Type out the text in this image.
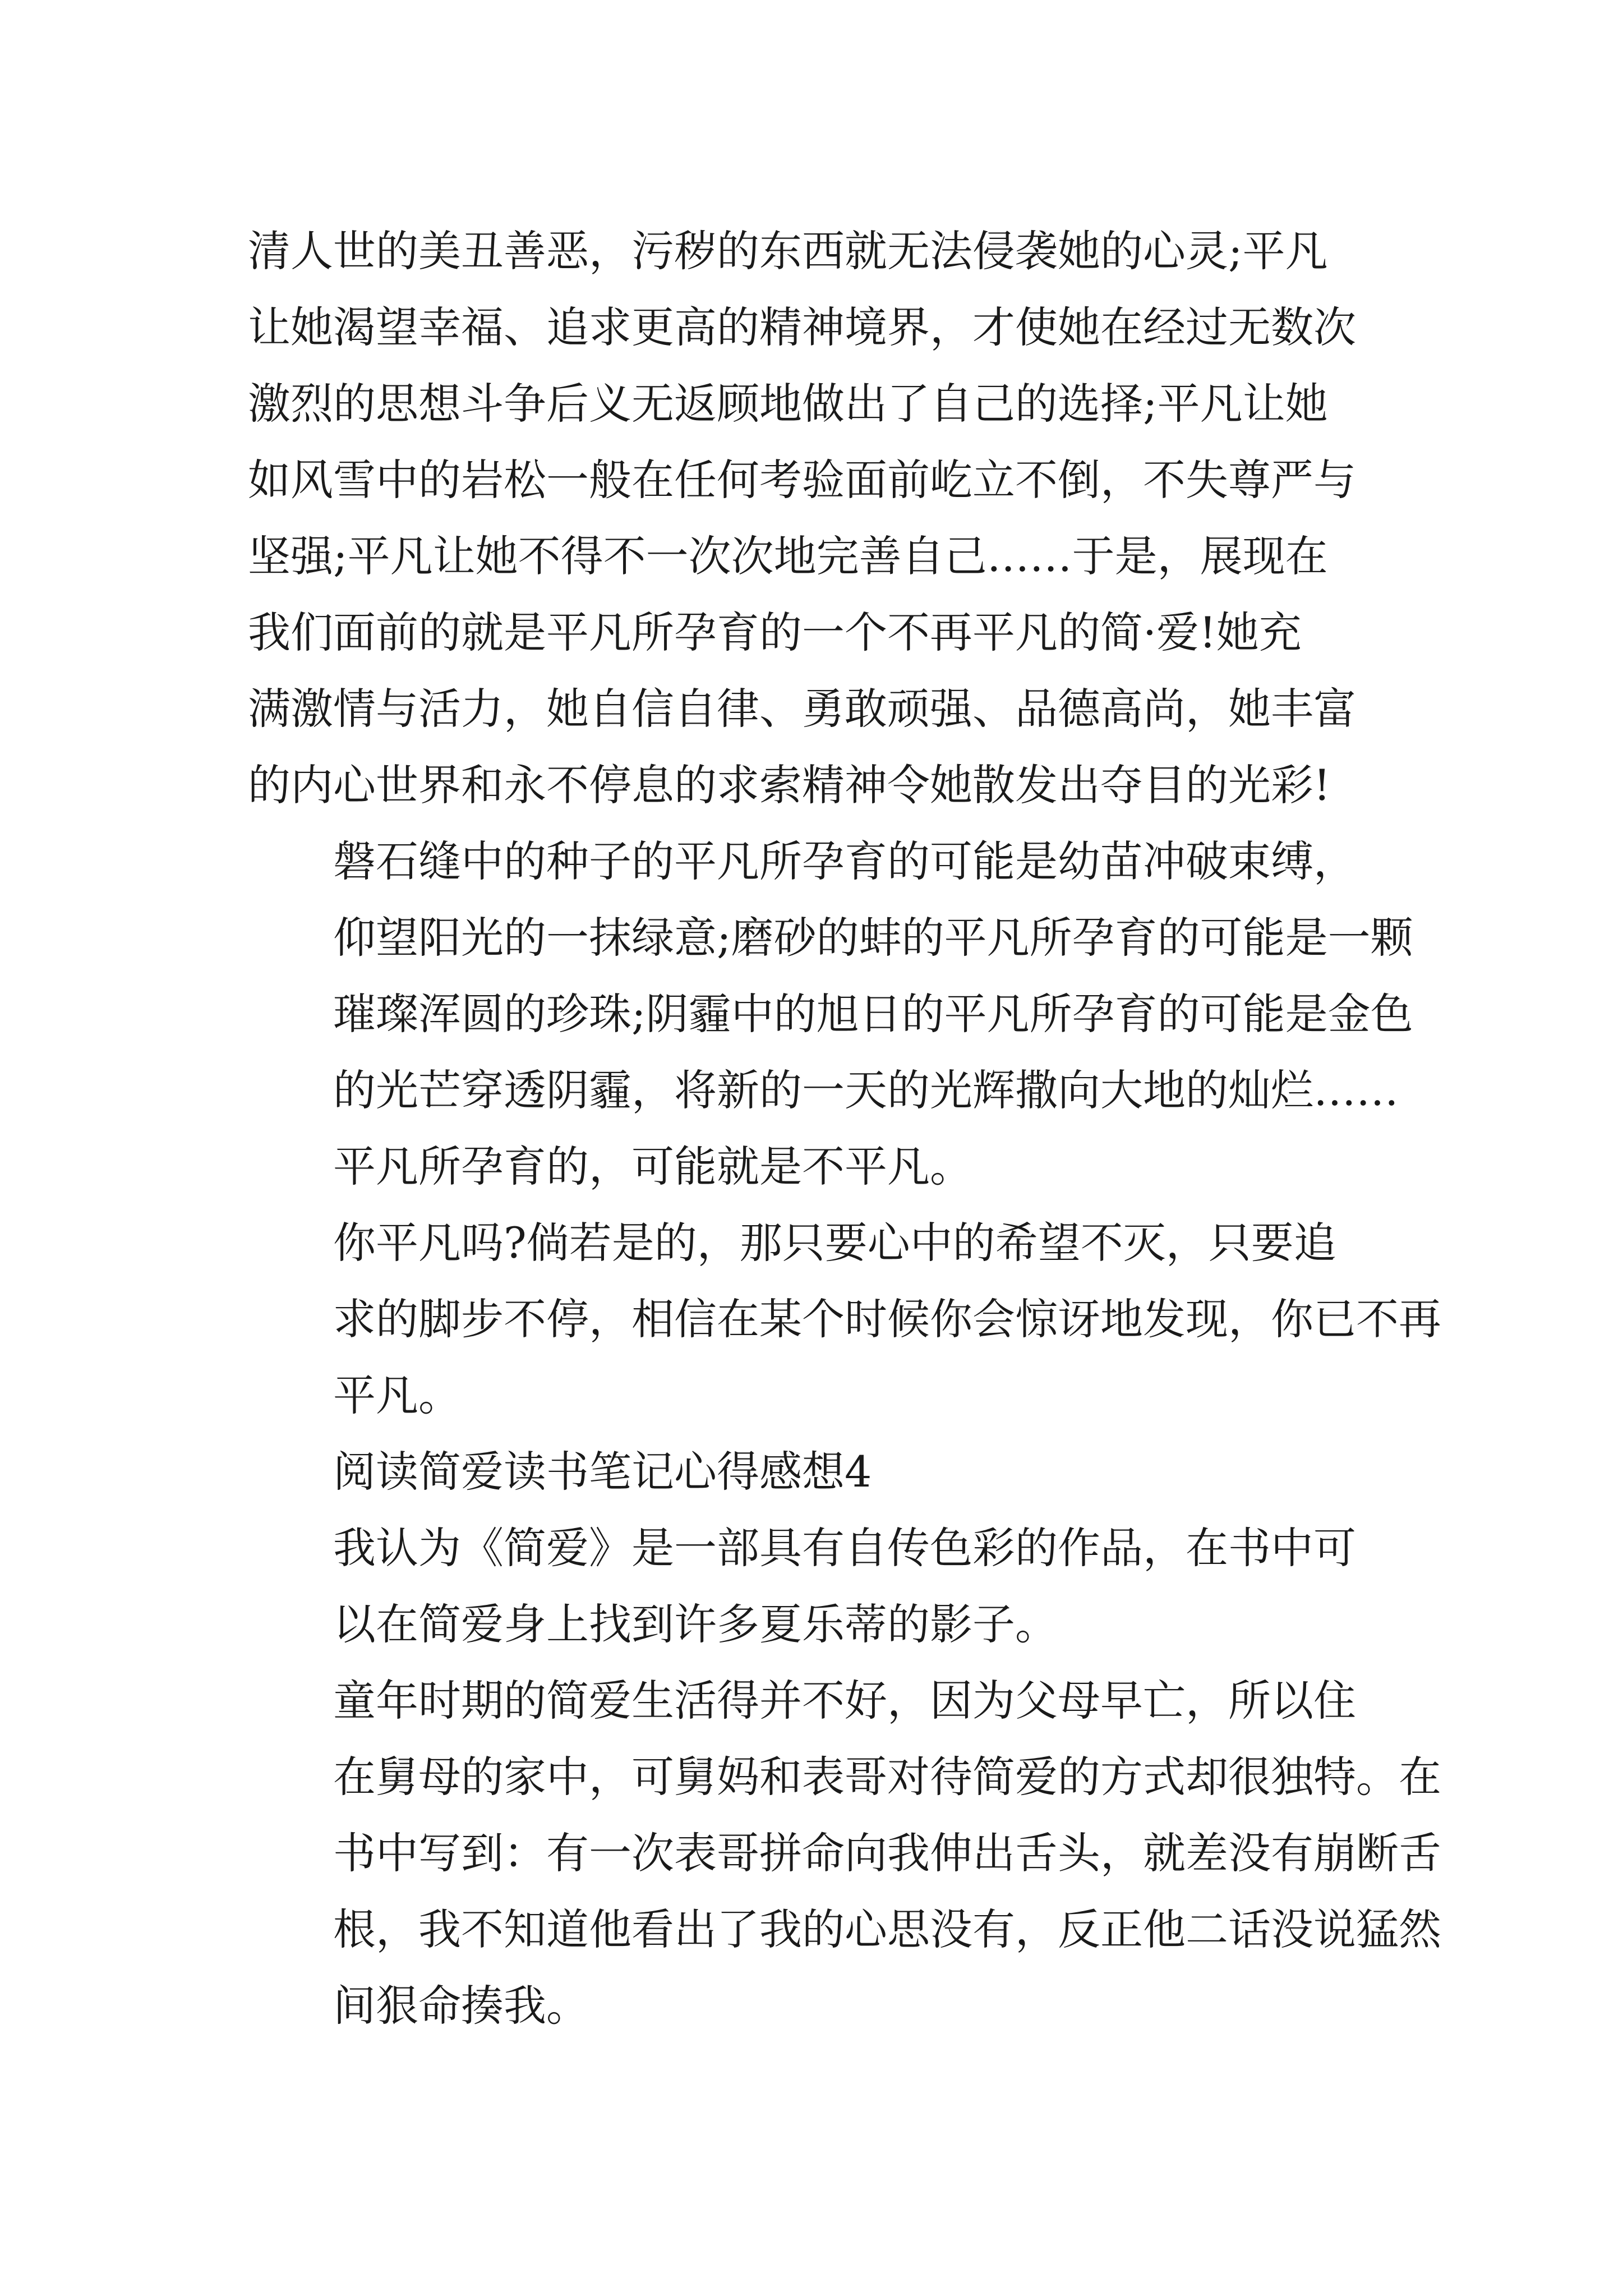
清人世的美丑善恶，污秽的东西就无法侵袭她的心灵;平凡
让她渴望幸福、追求更高的精神境界，才使她在经过无数次
激烈的思想斗争后义无返顾地做出了自己的选择;平凡让她
如风雪中的岩松一般在任何考验面前屹立不倒，不失尊严与
坚强;平凡让她不得不一次次地完善自己……于是，展现在
我们面前的就是平凡所孕育的一个不再平凡的简·爱!她充
满激情与活力，她自信自律、勇敢顽强、品德高尚，她丰富
的内心世界和永不停息的求索精神令她散发出夺目的光彩!

磐石缝中的种子的平凡所孕育的可能是幼苗冲破束缚，
仰望阳光的一抹绿意;磨砂的蚌的平凡所孕育的可能是一颗
璀璨浑圆的珍珠;阴霾中的旭日的平凡所孕育的可能是金色
的光芒穿透阴霾，将新的一天的光辉撒向大地的灿烂……

平凡所孕育的，可能就是不平凡。

你平凡吗?倘若是的，那只要心中的希望不灭，只要追
求的脚步不停，相信在某个时候你会惊讶地发现，你已不再
平凡。

阅读简爱读书笔记心得感想4

我认为《简爱》是一部具有自传色彩的作品，在书中可
以在简爱身上找到许多夏乐蒂的影子。

童年时期的简爱生活得并不好，因为父母早亡，所以住
在舅母的家中，可舅妈和表哥对待简爱的方式却很独特。在
书中写到：有一次表哥拼命向我伸出舌头，就差没有崩断舌
根，我不知道他看出了我的心思没有，反正他二话没说猛然
间狠命揍我。
